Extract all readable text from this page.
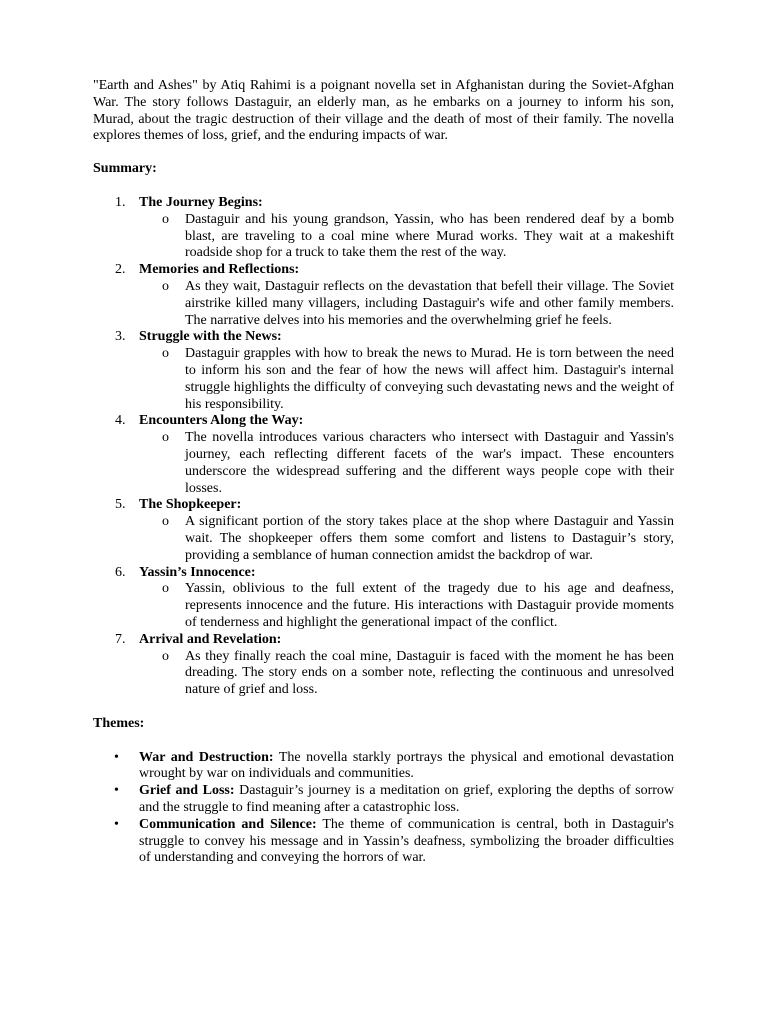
"Earth and Ashes" by Atiq Rahimi is a poignant novella set in Afghanistan during the Soviet-Afghan War. The story follows Dastaguir, an elderly man, as he embarks on a journey to inform his son, Murad, about the tragic destruction of their village and the death of most of their family. The novella explores themes of loss, grief, and the enduring impacts of war.

Summary:
1. The Journey Begins:
o Dastaguir and his young grandson, Yassin, who has been rendered deaf by a bomb blast, are traveling to a coal mine where Murad works. They wait at a makeshift roadside shop for a truck to take them the rest of the way.
2. Memories and Reflections:
o As they wait, Dastaguir reflects on the devastation that befell their village. The Soviet airstrike killed many villagers, including Dastaguir's wife and other family members. The narrative delves into his memories and the overwhelming grief he feels.
3. Struggle with the News:
o Dastaguir grapples with how to break the news to Murad. He is torn between the need to inform his son and the fear of how the news will affect him. Dastaguir's internal struggle highlights the difficulty of conveying such devastating news and the weight of his responsibility.
4. Encounters Along the Way:
o The novella introduces various characters who intersect with Dastaguir and Yassin's journey, each reflecting different facets of the war's impact. These encounters underscore the widespread suffering and the different ways people cope with their losses.
5. The Shopkeeper:
o A significant portion of the story takes place at the shop where Dastaguir and Yassin wait. The shopkeeper offers them some comfort and listens to Dastaguir’s story, providing a semblance of human connection amidst the backdrop of war.
6. Yassin’s Innocence:
o Yassin, oblivious to the full extent of the tragedy due to his age and deafness, represents innocence and the future. His interactions with Dastaguir provide moments of tenderness and highlight the generational impact of the conflict.
7. Arrival and Revelation:
o As they finally reach the coal mine, Dastaguir is faced with the moment he has been dreading. The story ends on a somber note, reflecting the continuous and unresolved nature of grief and loss.
Themes:
• War and Destruction: The novella starkly portrays the physical and emotional devastation wrought by war on individuals and communities.
• Grief and Loss: Dastaguir’s journey is a meditation on grief, exploring the depths of sorrow and the struggle to find meaning after a catastrophic loss.
• Communication and Silence: The theme of communication is central, both in Dastaguir's struggle to convey his message and in Yassin’s deafness, symbolizing the broader difficulties of understanding and conveying the horrors of war.
